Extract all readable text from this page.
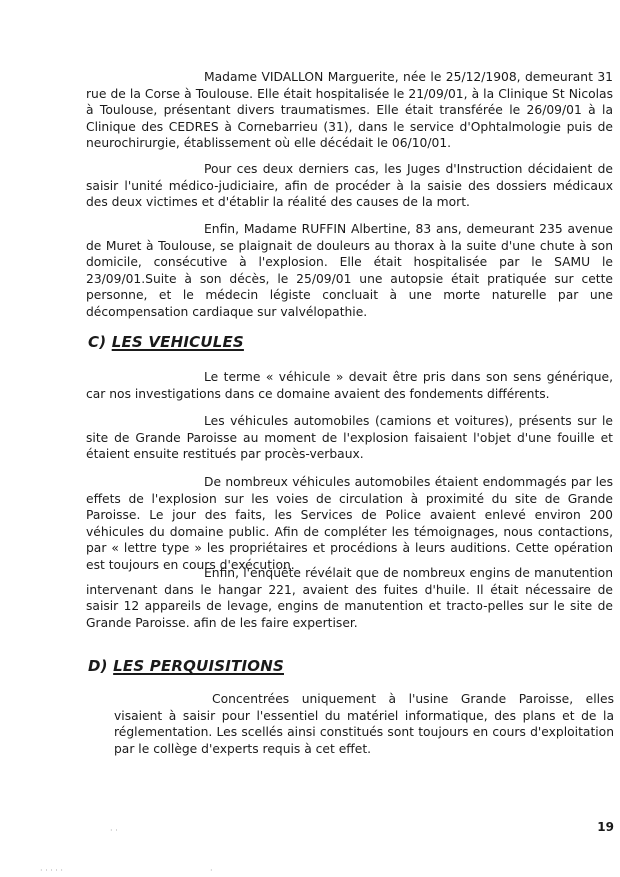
Madame VIDALLON Marguerite, née le 25/12/1908, demeurant 31 rue de la Corse à Toulouse. Elle était hospitalisée le 21/09/01, à la Clinique St Nicolas à Toulouse, présentant divers traumatismes. Elle était transférée le 26/09/01 à la Clinique des CEDRES à Cornebarrieu (31), dans le service d'Ophtalmologie puis de neurochirurgie, établissement où elle décédait le 06/10/01.

Pour ces deux derniers cas, les Juges d'Instruction décidaient de saisir l'unité médico-judiciaire, afin de procéder à la saisie des dossiers médicaux des deux victimes et d'établir la réalité des causes de la mort.

Enfin, Madame RUFFIN Albertine, 83 ans, demeurant 235 avenue de Muret à Toulouse, se plaignait de douleurs au thorax à la suite d'une chute à son domicile, consécutive à l'explosion. Elle était hospitalisée par le SAMU le 23/09/01.Suite à son décès, le 25/09/01 une autopsie était pratiquée sur cette personne, et le médecin légiste concluait à une morte naturelle par une décompensation cardiaque sur valvélopathie.

C) LES VEHICULES

Le terme « véhicule » devait être pris dans son sens générique, car nos investigations dans ce domaine avaient des fondements différents.

Les véhicules automobiles (camions et voitures), présents sur le site de Grande Paroisse au moment de l'explosion faisaient l'objet d'une fouille et étaient ensuite restitués par procès-verbaux.

De nombreux véhicules automobiles étaient endommagés par les effets de l'explosion sur les voies de circulation à proximité du site de Grande Paroisse. Le jour des faits, les Services de Police avaient enlevé environ 200 véhicules du domaine public. Afin de compléter les témoignages, nous contactions, par « lettre type » les propriétaires et procédions à leurs auditions. Cette opération est toujours en cours d'exécution.

Enfin, l'enquête révélait que de nombreux engins de manutention intervenant dans le hangar 221, avaient des fuites d'huile. Il était nécessaire de saisir 12 appareils de levage, engins de manutention et tracto-pelles sur le site de Grande Paroisse. afin de les faire expertiser.

D) LES PERQUISITIONS

Concentrées uniquement à l'usine Grande Paroisse, elles visaient à saisir pour l'essentiel du matériel informatique, des plans et de la réglementation. Les scellés ainsi constitués sont toujours en cours d'exploitation par le collège d'experts requis à cet effet.

19
· ·
· · · · ·	·
